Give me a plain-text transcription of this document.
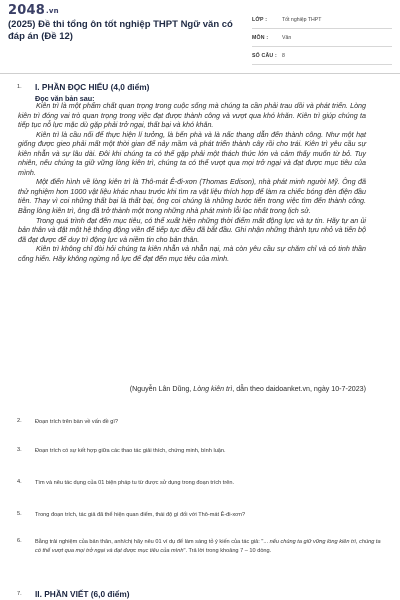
2048.vn
(2025) Đề thi tổng ôn tốt nghiệp THPT Ngữ văn có đáp án (Đề 12)
LỚP :	Tốt nghiệp THPT
MÔN :	Văn
SỐ CÂU : 8
1. I. PHẦN ĐỌC HIỂU (4,0 điểm)
Đọc văn bản sau:

Kiên trì là một phẩm chất quan trọng trong cuộc sống mà chúng ta cần phải trau dồi và phát triển. Lòng kiên trì đóng vai trò quan trọng trong việc đạt được thành công và vượt qua khó khăn. Kiên trì giúp chúng ta tiếp tục nỗ lực mặc dù gặp phải trở ngại, thất bại và khó khăn.

Kiên trì là cầu nối để thực hiện lí tưởng, là bến phà và là nấc thang dẫn đến thành công. Như một hạt giống được gieo phải mất một thời gian để nảy mầm và phát triển thành cây rồi cho trái. Kiên trì yêu cầu sự kiên nhẫn và sự lâu dài. Đôi khi chúng ta có thể gặp phải một thách thức lớn và cảm thấy muốn từ bỏ. Tuy nhiên, nếu chúng ta giữ vững lòng kiên trì, chúng ta có thể vượt qua mọi trở ngại và đạt được mục tiêu của mình.

Một điển hình về lòng kiên trì là Thô-mát Ê-đi-xơn (Thomas Edison), nhà phát minh người Mỹ. Ông đã thử nghiệm hơn 1000 vật liệu khác nhau trước khi tìm ra vật liệu thích hợp để làm ra chiếc bóng đèn điện đầu tiên. Thay vì coi những thất bại là thất bại, ông coi chúng là những bước tiến trong việc tìm đến thành công. Bằng lòng kiên trì, ông đã trở thành một trong những nhà phát minh lỗi lạc nhất trong lịch sử.

Trong quá trình đạt đến mục tiêu, có thể xuất hiện những thời điểm mất động lực và tự tin. Hãy tự an ủi bản thân và đặt một hệ thống động viên để tiếp tục điều đã bắt đầu. Ghi nhận những thành tựu nhỏ và tiến bộ đã đạt được để duy trì động lực và niềm tin cho bản thân.

Kiên trì không chỉ đòi hỏi chúng ta kiên nhẫn và nhẫn nại, mà còn yêu cầu sự chăm chỉ và có tinh thần cống hiến. Hãy không ngừng nỗ lực để đạt đến mục tiêu của mình.

(Nguyễn Lân Dũng, Lòng kiên trì, dẫn theo daidoanket.vn, ngày 10-7-2023)
2. Đoạn trích trên bàn về vấn đề gì?
3. Đoạn trích có sự kết hợp giữa các thao tác giải thích, chứng minh, bình luận.
4. Tìm và nêu tác dụng của 01 biện pháp tu từ được sử dụng trong đoạn trích trên.
5. Trong đoạn trích, tác giả đã thể hiện quan điểm, thái độ gì đối với Thô-mát Ê-đi-xơn?
6. Bằng trải nghiệm của bản thân, anh/chị hãy nêu 01 ví dụ để làm sáng tỏ ý kiến của tác giả: "... nếu chúng ta giữ vững lòng kiên trì, chúng ta có thể vượt qua mọi trở ngại và đạt được mục tiêu của mình". Trả lời trong khoảng 7 – 10 dòng.
7. II. PHẦN VIẾT (6,0 điểm)
